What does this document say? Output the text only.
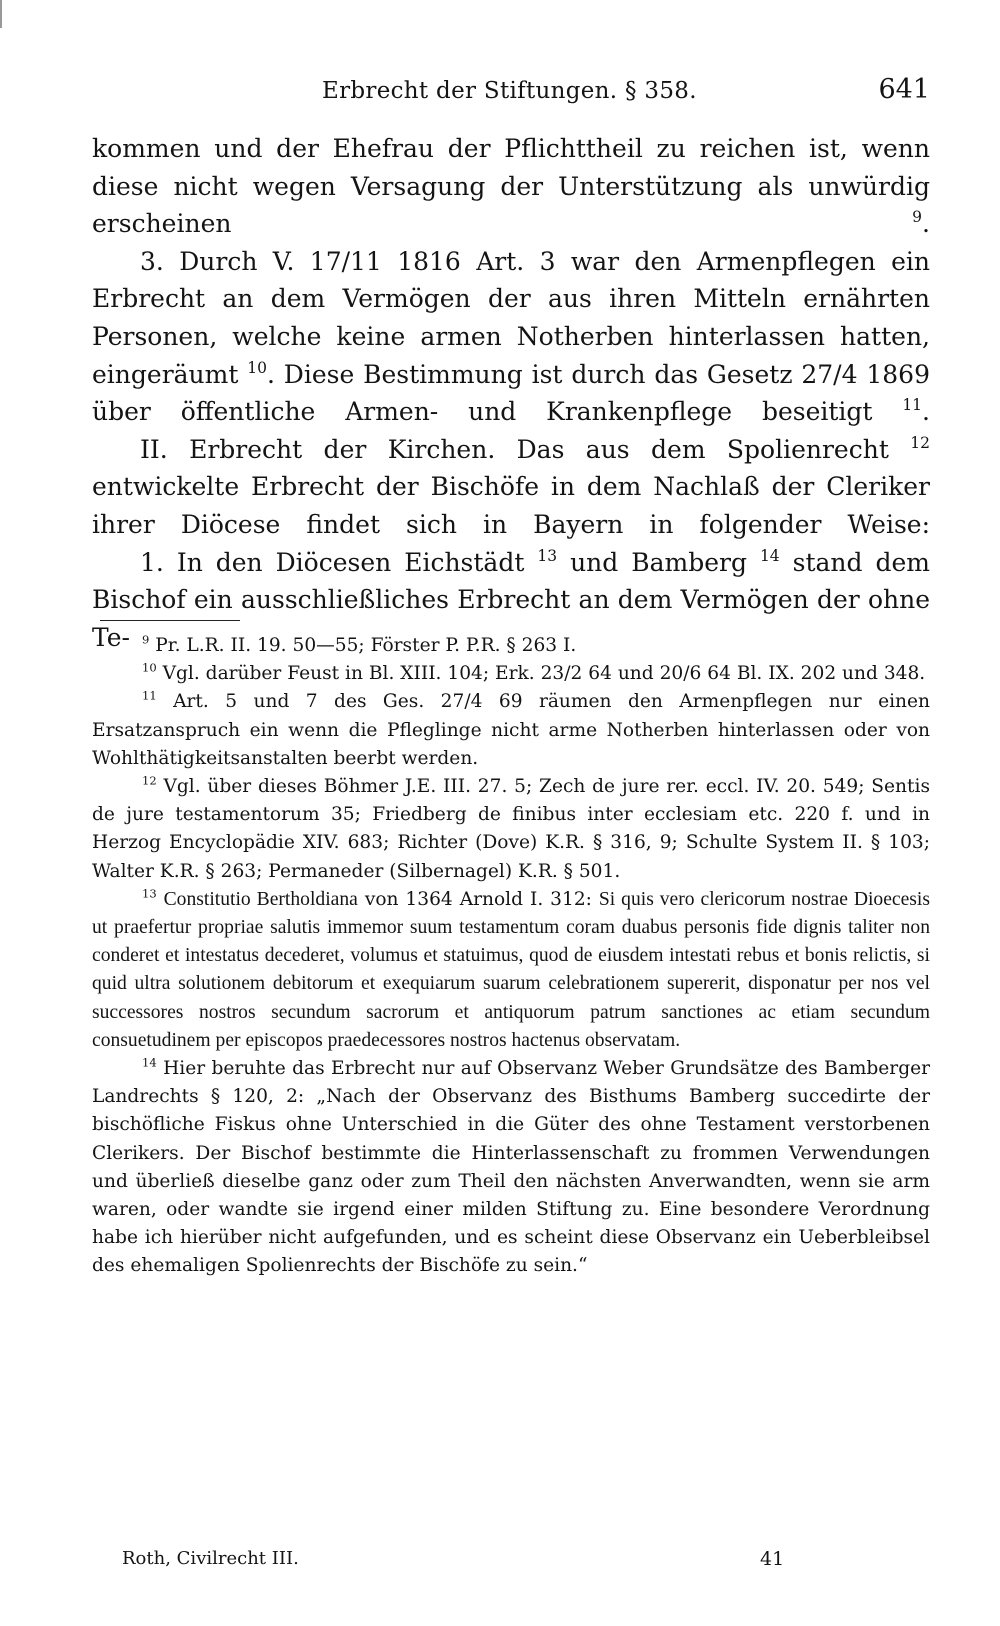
Erbrecht der Stiftungen. § 358.	641

kommen und der Ehefrau der Pflichttheil zu reichen ist, wenn diese nicht wegen Versagung der Unterstützung als unwürdig erscheinen	$^9$.

3. Durch V. 17/11 1816 Art. 3 war den Armenpflegen ein Erbrecht an dem Vermögen der aus ihren Mitteln ernährten Personen, welche keine armen Notherben hinterlassen hatten, eingeräumt $^{10}$. Diese Bestimmung ist durch das Gesetz 27/4 1869 über öffentliche Armen- und Krankenpflege beseitigt $^{11}$.

II. Erbrecht der Kirchen. Das aus dem Spolienrecht $^{12}$ entwickelte Erbrecht der Bischöfe in dem Nachlaß der Cleriker ihrer Diöcese findet sich in Bayern in folgender Weise:

1. In den Diöcesen Eichstädt $^{13}$ und Bamberg $^{14}$ stand dem Bischof ein ausschließliches Erbrecht an dem Vermögen der ohne Te-	$^9$ Pr. L.R. II. 19. 50—55; Förster P. P.R. § 263 I.

$^{10}$ Vgl. darüber Feust in Bl. XIII. 104; Erk. 23/2 64 und 20/6 64 Bl. IX. 202 und 348.

$^{11}$ Art. 5 und 7 des Ges. 27/4 69 räumen den Armenpflegen nur einen Ersatzanspruch ein wenn die Pfleglinge nicht arme Notherben hinterlassen oder von Wohlthätigkeitsanstalten beerbt werden.

$^{12}$ Vgl. über dieses Böhmer J.E. III. 27. 5; Zech de jure rer. eccl. IV. 20. 549; Sentis de jure testamentorum 35; Friedberg de finibus inter ecclesiam etc. 220 f. und in Herzog Encyclopädie XIV. 683; Richter (Dove) K.R. § 316, 9; Schulte System II. § 103; Walter K.R. § 263; Permaneder (Silbernagel) K.R. § 501.

$^{13}$ Constitutio Bertholdiana von 1364 Arnold I. 312: Si quis vero clericorum nostrae Dioecesis ut praefertur propriae salutis immemor suum testamentum coram duabus personis fide dignis taliter non conderet et intestatus decederet, volumus et statuimus, quod de eiusdem intestati rebus et bonis relictis, si quid ultra solutionem debitorum et exequiarum suarum celebrationem supererit, disponatur per nos vel successores nostros secundum sacrorum et antiquorum patrum sanctiones ac etiam secundum consuetudinem per episcopos praedecessores nostros hactenus observatam.

$^{14}$ Hier beruhte das Erbrecht nur auf Observanz Weber Grundsätze des Bamberger Landrechts § 120, 2: „Nach der Observanz des Bisthums Bamberg succedirte der bischöfliche Fiskus ohne Unterschied in die Güter des ohne Testament verstorbenen Clerikers. Der Bischof bestimmte die Hinterlassenschaft zu frommen Verwendungen und überließ dieselbe ganz oder zum Theil den nächsten Anverwandten, wenn sie arm waren, oder wandte sie irgend einer milden Stiftung zu. Eine besondere Verordnung habe ich hierüber nicht aufgefunden, und es scheint diese Observanz ein Ueberbleibsel des ehemaligen Spolienrechts der Bischöfe zu sein.“

Roth, Civilrecht III.	41
